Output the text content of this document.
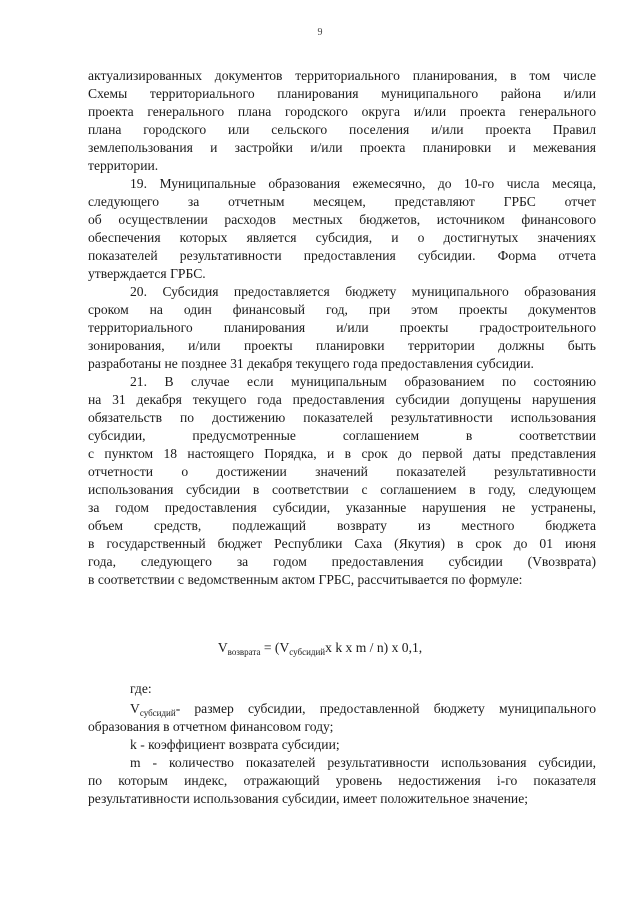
9
актуализированных документов территориального планирования, в том числе
Схемы территориального планирования муниципального района и/или
проекта генерального плана городского округа и/или проекта генерального
плана городского или сельского поселения и/или проекта Правил
землепользования и застройки и/или проекта планировки и межевания
территории.
19. Муниципальные образования ежемесячно, до 10-го числа месяца,
следующего за отчетным месяцем, представляют ГРБС отчет
об осуществлении расходов местных бюджетов, источником финансового
обеспечения которых является субсидия, и о достигнутых значениях
показателей результативности предоставления субсидии. Форма отчета
утверждается ГРБС.
20. Субсидия предоставляется бюджету муниципального образования
сроком на один финансовый год, при этом проекты документов
территориального планирования и/или проекты градостроительного
зонирования, и/или проекты планировки территории должны быть
разработаны не позднее 31 декабря текущего года предоставления субсидии.
21. В случае если муниципальным образованием по состоянию
на 31 декабря текущего года предоставления субсидии допущены нарушения
обязательств по достижению показателей результативности использования
субсидии, предусмотренные соглашением в соответствии
с пунктом 18 настоящего Порядка, и в срок до первой даты представления
отчетности о достижении значений показателей результативности
использования субсидии в соответствии с соглашением в году, следующем
за годом предоставления субсидии, указанные нарушения не устранены,
объем средств, подлежащий возврату из местного бюджета
в государственный бюджет Республики Саха (Якутия) в срок до 01 июня
года, следующего за годом предоставления субсидии (Vвозврата)
в соответствии с ведомственным актом ГРБС, рассчитывается по формуле:
$V_{возврата} = (V_{субсидий}x$ k x m / n) x 0,1,
где:
$V_{субсидий}-$ размер субсидии, предоставленной бюджету муниципального
образования в отчетном финансовом году;
k - коэффициент возврата субсидии;
m - количество показателей результативности использования субсидии,
по которым индекс, отражающий уровень недостижения i-го показателя
результативности использования субсидии, имеет положительное значение;
